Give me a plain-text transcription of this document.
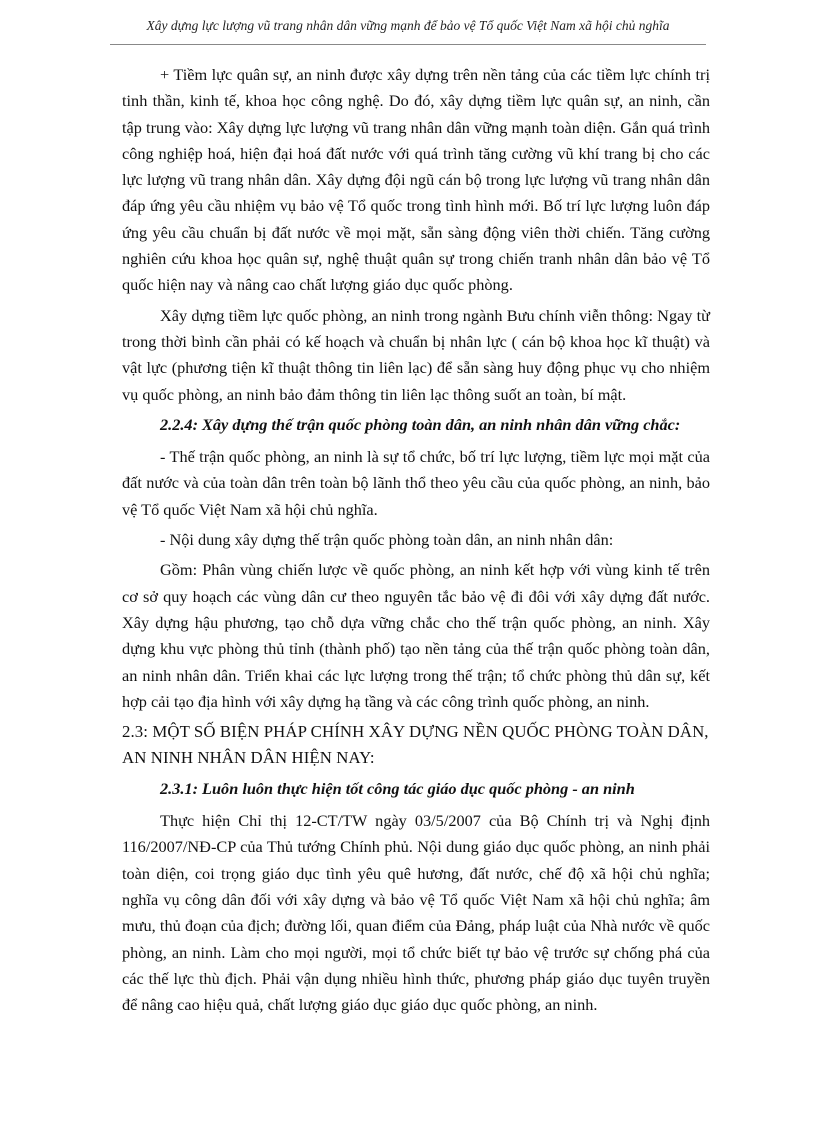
Xây dựng lực lượng vũ trang nhân dân vững mạnh để bảo vệ Tổ quốc Việt Nam xã hội chủ nghĩa

+ Tiềm lực quân sự, an ninh được xây dựng trên nền tảng của các tiềm lực chính trị tinh thần, kinh tế, khoa học công nghệ. Do đó, xây dựng tiềm lực quân sự, an ninh, cần tập trung vào: Xây dựng lực lượng vũ trang nhân dân vững mạnh toàn diện. Gắn quá trình công nghiệp hoá, hiện đại hoá đất nước với quá trình tăng cường vũ khí trang bị cho các lực lượng vũ trang nhân dân. Xây dựng đội ngũ cán bộ trong lực lượng vũ trang nhân dân đáp ứng yêu cầu nhiệm vụ bảo vệ Tổ quốc trong tình hình mới. Bố trí lực lượng luôn đáp ứng yêu cầu chuẩn bị đất nước về mọi mặt, sẵn sàng động viên thời chiến. Tăng cường nghiên cứu khoa học quân sự, nghệ thuật quân sự trong chiến tranh nhân dân bảo vệ Tổ quốc hiện nay và nâng cao chất lượng giáo dục quốc phòng.

Xây dựng tiềm lực quốc phòng, an ninh trong ngành Bưu chính viễn thông: Ngay từ trong thời bình cần phải có kế hoạch và chuẩn bị nhân lực ( cán bộ khoa học kĩ thuật) và vật lực (phương tiện kĩ thuật thông tin liên lạc) để sẵn sàng huy động phục vụ cho nhiệm vụ quốc phòng, an ninh bảo đảm thông tin liên lạc thông suốt an toàn, bí mật.

2.2.4: Xây dựng thế trận quốc phòng toàn dân, an ninh nhân dân vững chắc:

- Thế trận quốc phòng, an ninh là sự tổ chức, bố trí lực lượng, tiềm lực mọi mặt của đất nước và của toàn dân trên toàn bộ lãnh thổ theo yêu cầu của quốc phòng, an ninh, bảo vệ Tổ quốc Việt Nam xã hội chủ nghĩa.

- Nội dung xây dựng thế trận quốc phòng toàn dân, an ninh nhân dân:

Gồm: Phân vùng chiến lược về quốc phòng, an ninh kết hợp với vùng kinh tế trên cơ sở quy hoạch các vùng dân cư theo nguyên tắc bảo vệ đi đôi với xây dựng đất nước. Xây dựng hậu phương, tạo chỗ dựa vững chắc cho thế trận quốc phòng, an ninh. Xây dựng khu vực phòng thủ tỉnh (thành phố) tạo nền tảng của thế trận quốc phòng toàn dân, an ninh nhân dân. Triển khai các lực lượng trong thế trận; tổ chức phòng thủ dân sự, kết hợp cải tạo địa hình với xây dựng hạ tầng và các công trình quốc phòng, an ninh.

2.3: MỘT SỐ BIỆN PHÁP CHÍNH XÂY DỰNG NỀN QUỐC PHÒNG TOÀN DÂN,
AN NINH NHÂN DÂN HIỆN NAY:

2.3.1: Luôn luôn thực hiện tốt công tác giáo dục quốc phòng - an ninh

Thực hiện Chỉ thị 12-CT/TW ngày 03/5/2007 của Bộ Chính trị và Nghị định 116/2007/NĐ-CP của Thủ tướng Chính phủ. Nội dung giáo dục quốc phòng, an ninh phải toàn diện, coi trọng giáo dục tình yêu quê hương, đất nước, chế độ xã hội chủ nghĩa; nghĩa vụ công dân đối với xây dựng và bảo vệ Tổ quốc Việt Nam xã hội chủ nghĩa; âm mưu, thủ đoạn của địch; đường lối, quan điểm của Đảng, pháp luật của Nhà nước về quốc phòng, an ninh. Làm cho mọi người, mọi tổ chức biết tự bảo vệ trước sự chống phá của các thế lực thù địch. Phải vận dụng nhiều hình thức, phương pháp giáo dục tuyên truyền để nâng cao hiệu quả, chất lượng giáo dục giáo dục quốc phòng, an ninh.
